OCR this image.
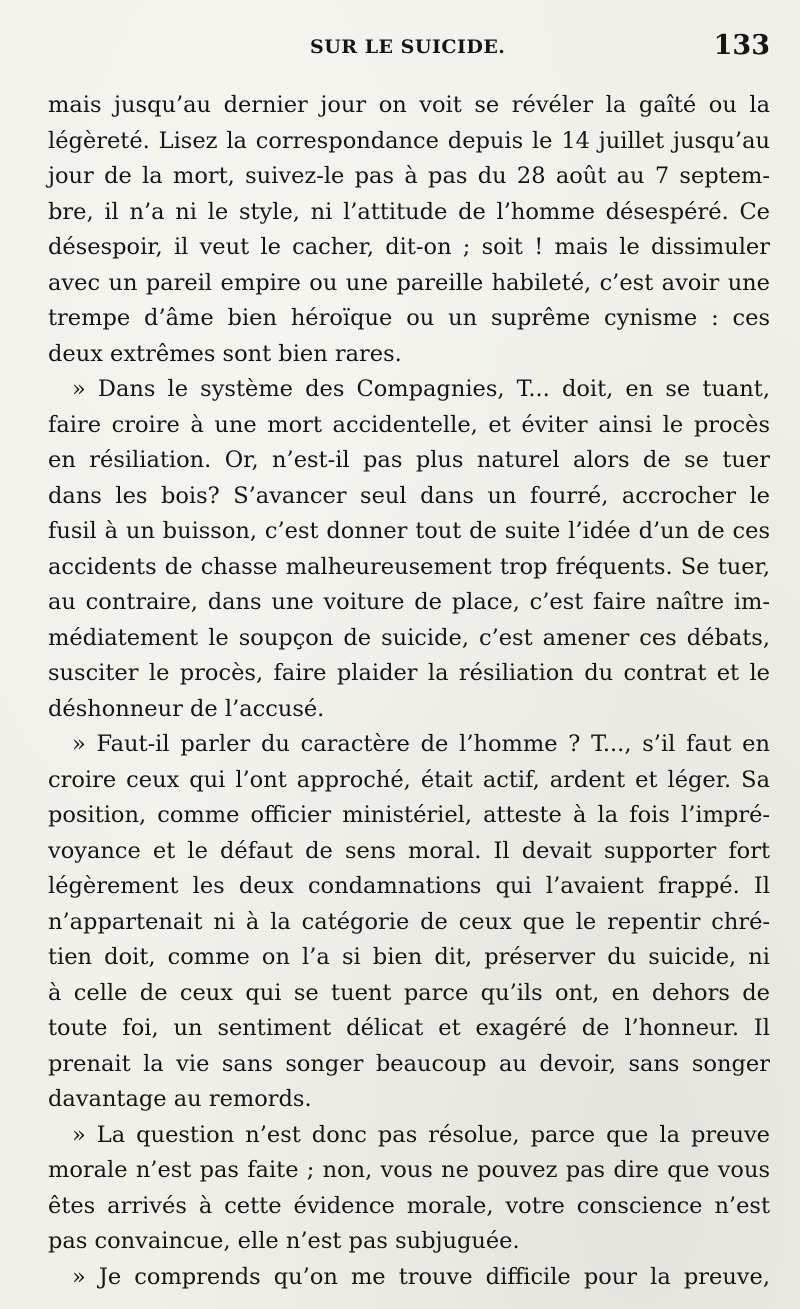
SUR LE SUICIDE.	133
mais jusqu’au dernier jour on voit se révéler la gaîté ou la
légèreté. Lisez la correspondance depuis le 14 juillet jusqu’au
jour de la mort, suivez-le pas à pas du 28 août au 7 septem-
bre, il n’a ni le style, ni l’attitude de l’homme désespéré. Ce
désespoir, il veut le cacher, dit-on ; soit ! mais le dissimuler
avec un pareil empire ou une pareille habileté, c’est avoir une
trempe d’âme bien héroïque ou un suprême cynisme : ces
deux extrêmes sont bien rares.
» Dans le système des Compagnies, T... doit, en se tuant,
faire croire à une mort accidentelle, et éviter ainsi le procès
en résiliation. Or, n’est-il pas plus naturel alors de se tuer
dans les bois? S’avancer seul dans un fourré, accrocher le
fusil à un buisson, c’est donner tout de suite l’idée d’un de ces
accidents de chasse malheureusement trop fréquents. Se tuer,
au contraire, dans une voiture de place, c’est faire naître im-
médiatement le soupçon de suicide, c’est amener ces débats,
susciter le procès, faire plaider la résiliation du contrat et le
déshonneur de l’accusé.
» Faut-il parler du caractère de l’homme ? T..., s’il faut en
croire ceux qui l’ont approché, était actif, ardent et léger. Sa
position, comme officier ministériel, atteste à la fois l’impré-
voyance et le défaut de sens moral. Il devait supporter fort
légèrement les deux condamnations qui l’avaient frappé. Il
n’appartenait ni à la catégorie de ceux que le repentir chré-
tien doit, comme on l’a si bien dit, préserver du suicide, ni
à celle de ceux qui se tuent parce qu’ils ont, en dehors de
toute foi, un sentiment délicat et exagéré de l’honneur. Il
prenait la vie sans songer beaucoup au devoir, sans songer
davantage au remords.
» La question n’est donc pas résolue, parce que la preuve
morale n’est pas faite ; non, vous ne pouvez pas dire que vous
êtes arrivés à cette évidence morale, votre conscience n’est
pas convaincue, elle n’est pas subjuguée.
» Je comprends qu’on me trouve difficile pour la preuve,
